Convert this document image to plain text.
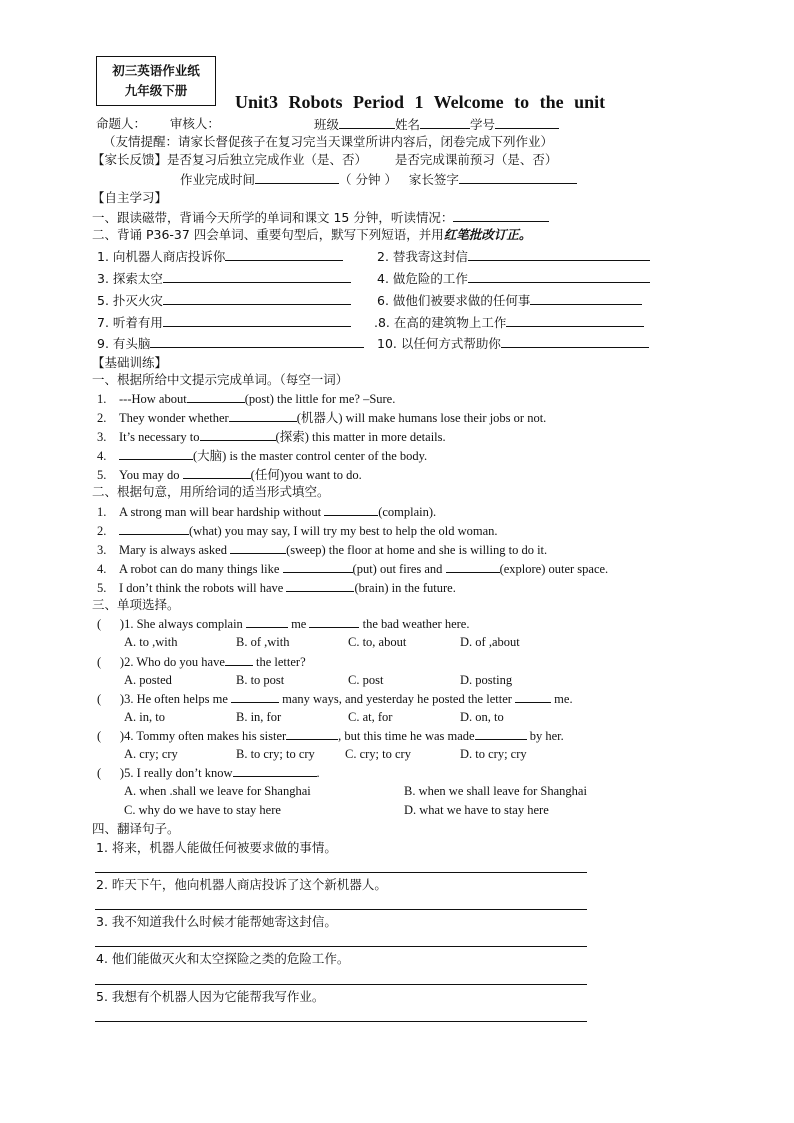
初三英语作业纸
九年级下册
Unit3 Robots Period 1 Welcome to the unit
命题人： 审核人：	班级	姓名	学号
（友情提醒：请家长督促孩子在复习完当天课堂所讲内容后，闭卷完成下列作业）
【家长反馈】是否复习后独立完成作业（是、否） 是否完成课前预习（是、否）
作业完成时间	（ 分钟 ） 家长签字
【自主学习】
一、跟读磁带，背诵今天所学的单词和课文 15 分钟，听读情况：
二、背诵 P36-37 四会单词、重要句型后，默写下列短语，并用红笔批改订正。
1. 向机器人商店投诉你	2. 替我寄这封信
3. 探索太空	4. 做危险的工作
5. 扑灭火灾	6. 做他们被要求做的任何事
7. 听着有用	.8. 在高的建筑物上工作
9. 有头脑	10. 以任何方式帮助你
【基础训练】
一、根据所给中文提示完成单词。（每空一词）
1. ---How about	(post) the little for me? –Sure.
2. They wonder whether	(机器人) will make humans lose their jobs or not.
3. It’s necessary to	(探索) this matter in more details.
4.	(大脑) is the master control center of the body.
5. You may do	(任何)you want to do.
二、根据句意，用所给词的适当形式填空。
1. A strong man will bear hardship without	(complain).
2.	(what) you may say, I will try my best to help the old woman.
3. Mary is always asked	(sweep) the floor at home and she is willing to do it.
4. A robot can do many things like	(put) out fires and	(explore) outer space.
5. I don’t think the robots will have	(brain) in the future.
三、单项选择。
(      )1. She always complain	me	the bad weather here.
A. to ,with	B. of ,with	C. to, about	D. of ,about
(      )2. Who do you have the letter?
A. posted	B. to post	C. post	D. posting
(      )3. He often helps me	many ways, and yesterday he posted the letter	me.
A. in, to	B. in, for	C. at, for	D. on, to
(      )4. Tommy often makes his sister	, but this time he was made	by her.
A. cry; cry	B. to cry; to cry C. cry; to cry	D. to cry; cry
(      )5. I really don’t know	.
A. when .shall we leave for Shanghai	B. when we shall leave for Shanghai
C. why do we have to stay here	D. what we have to stay here
四、翻译句子。
1. 将来，机器人能做任何被要求做的事情。
2. 昨天下午，他向机器人商店投诉了这个新机器人。
3. 我不知道我什么时候才能帮她寄这封信。
4. 他们能做灭火和太空探险之类的危险工作。
5. 我想有个机器人因为它能帮我写作业。
